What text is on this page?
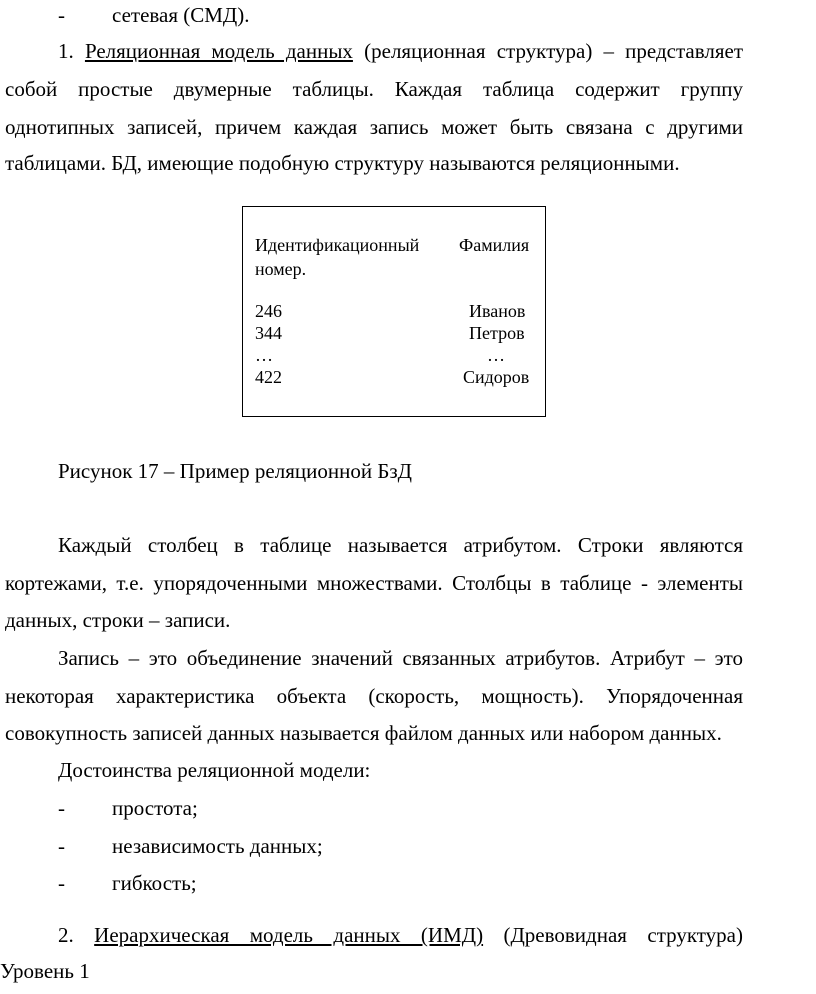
- сетевая (СМД).
1. Реляционная модель данных (реляционная структура) – представляет
собой простые двумерные таблицы. Каждая таблица содержит группу
однотипных записей, причем каждая запись может быть связана с другими
таблицами. БД, имеющие подобную структуру называются реляционными.
Идентификационный
номер.
Фамилия
246
344
…
422
Иванов
Петров
…
Сидоров
Рисунок 17 – Пример реляционной БзД
Каждый столбец в таблице называется атрибутом. Строки являются
кортежами, т.е. упорядоченными множествами. Столбцы в таблице - элементы
данных, строки – записи.
Запись – это объединение значений связанных атрибутов. Атрибут – это
некоторая характеристика объекта (скорость, мощность). Упорядоченная
совокупность записей данных называется файлом данных или набором данных.
Достоинства реляционной модели:
- простота;
- независимость данных;
- гибкость;
2. Иерархическая модель данных (ИМД) (Древовидная структура)
Уровень 1
